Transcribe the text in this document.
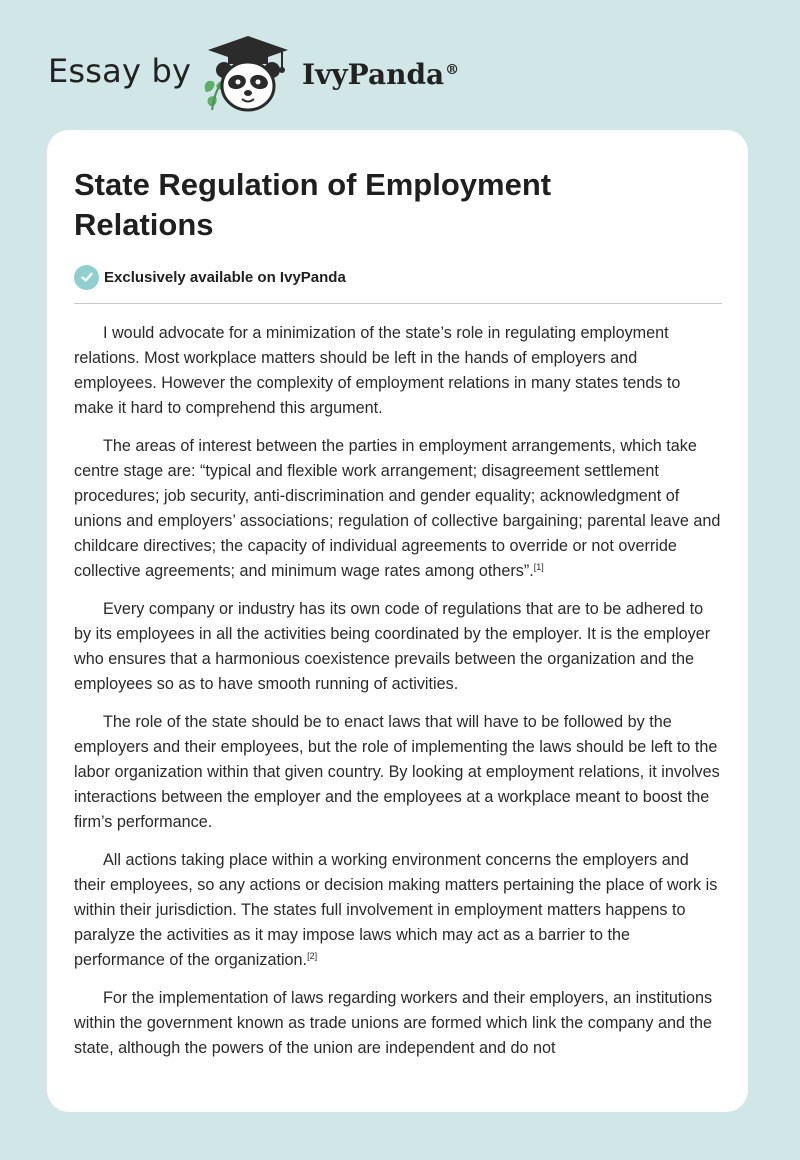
Essay by	IvyPanda®
State Regulation of Employment Relations
Exclusively available on IvyPanda

I would advocate for a minimization of the state’s role in regulating employment relations. Most workplace matters should be left in the hands of employers and employees. However the complexity of employment relations in many states tends to make it hard to comprehend this argument.

The areas of interest between the parties in employment arrangements, which take centre stage are: “typical and flexible work arrangement; disagreement settlement procedures; job security, anti-discrimination and gender equality; acknowledgment of unions and employers’ associations; regulation of collective bargaining; parental leave and childcare directives; the capacity of individual agreements to override or not override collective agreements; and minimum wage rates among others”.[1]

Every company or industry has its own code of regulations that are to be adhered to by its employees in all the activities being coordinated by the employer. It is the employer who ensures that a harmonious coexistence prevails between the organization and the employees so as to have smooth running of activities.

The role of the state should be to enact laws that will have to be followed by the employers and their employees, but the role of implementing the laws should be left to the labor organization within that given country. By looking at employment relations, it involves interactions between the employer and the employees at a workplace meant to boost the firm’s performance.

All actions taking place within a working environment concerns the employers and their employees, so any actions or decision making matters pertaining the place of work is within their jurisdiction. The states full involvement in employment matters happens to paralyze the activities as it may impose laws which may act as a barrier to the performance of the organization.[2]

For the implementation of laws regarding workers and their employers, an institutions within the government known as trade unions are formed which link the company and the state, although the powers of the union are independent and do not
